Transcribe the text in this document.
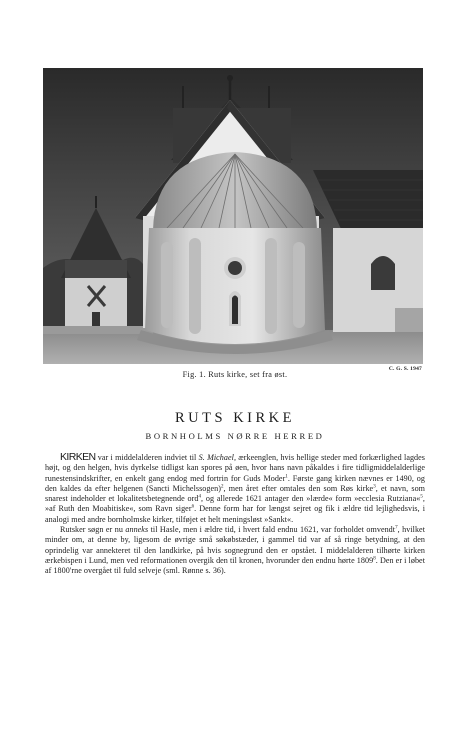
C. G. S. 1947
Fig. 1. Ruts kirke, set fra øst.
RUTS KIRKE
BORNHOLMS NØRRE HERRED

KIRKEN var i middelalderen indviet til S. Michael, ærkeenglen, hvis hellige steder med forkærlighed lagdes højt, og den helgen, hvis dyrkelse tidligst kan spores på øen, hvor hans navn påkaldes i fire tidligmiddelalderlige runestensindskrifter, en enkelt gang endog med fortrin for Guds Moder$^1$. Første gang kirken nævnes er 1490, og den kaldes da efter helgenen (Sancti Michelssogen)$^2$, men året efter omtales den som Røs kirke$^3$, et navn, som snarest indeholder et lokalitetsbetegnende ord$^4$, og allerede 1621 antager den »lærde« form »ecclesia Rutziana«$^5$, »af Ruth den Moabitiske«, som Ravn siger$^6$. Denne form har for længst sejret og fik i ældre tid lejlighedsvis, i analogi med andre bornholmske kirker, tilføjet et helt meningsløst »Sankt«.

Rutsker søgn er nu anneks til Hasle, men i ældre tid, i hvert fald endnu 1621, var forholdet omvendt$^7$, hvilket minder om, at denne by, ligesom de øvrige små søkøbstæder, i gammel tid var af så ringe betydning, at den oprindelig var annekteret til den landkirke, på hvis sognegrund den er opstået. I middelalderen tilhørte kirken ærkebispen i Lund, men ved reformationen overgik den til kronen, hvorunder den endnu hørte 1809$^8$. Den er i løbet af 1800'rne overgået til fuld selveje (sml. Rønne s. 36).
